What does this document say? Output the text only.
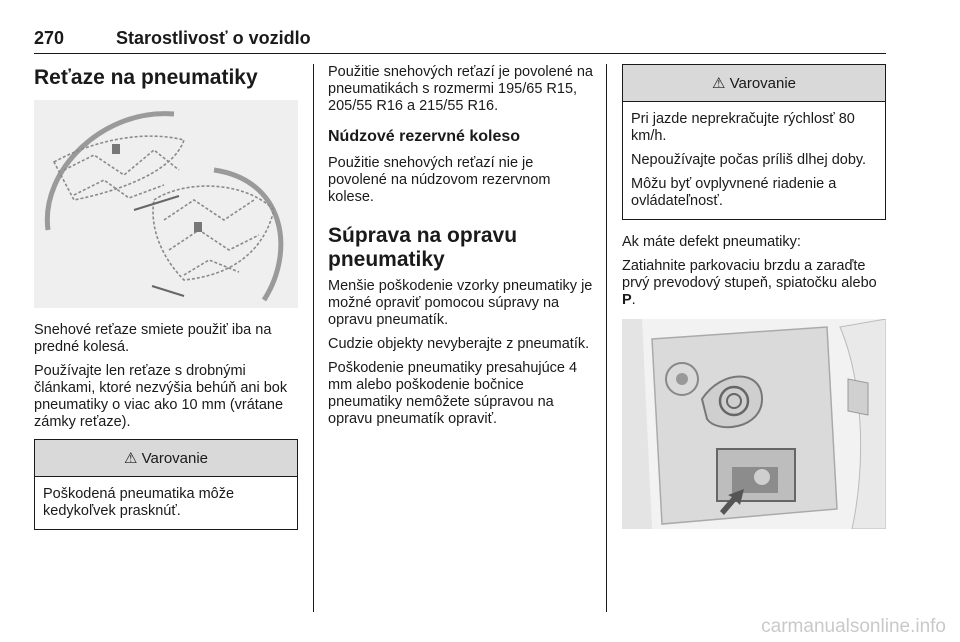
270	Starostlivosť o vozidlo
Reťaze na pneumatiky

Snehové reťaze smiete použiť iba na predné kolesá.

Používajte len reťaze s drobnými článkami, ktoré nezvýšia behúň ani bok pneumatiky o viac ako 10 mm (vrátane zámky reťaze).

⚠ Varovanie

Poškodená pneumatika môže kedykoľvek prasknúť.

Použitie snehových reťazí je povolené na pneumatikách s rozmermi 195/65 R15, 205/55 R16 a 215/55 R16.

Núdzové rezervné koleso

Použitie snehových reťazí nie je povolené na núdzovom rezervnom kolese.

Súprava na opravu pneumatiky

Menšie poškodenie vzorky pneumatiky je možné opraviť pomocou súpravy na opravu pneumatík.

Cudzie objekty nevyberajte z pneumatík.

Poškodenie pneumatiky presahujúce 4 mm alebo poškodenie bočnice pneumatiky nemôžete súpravou na opravu pneumatík opraviť.

⚠ Varovanie

Pri jazde neprekračujte rýchlosť 80 km/h.

Nepoužívajte počas príliš dlhej doby.

Môžu byť ovplyvnené riadenie a ovládateľnosť.

Ak máte defekt pneumatiky:

Zatiahnite parkovaciu brzdu a zaraďte prvý prevodový stupeň, spiatočku alebo P.

carmanualsonline.info
